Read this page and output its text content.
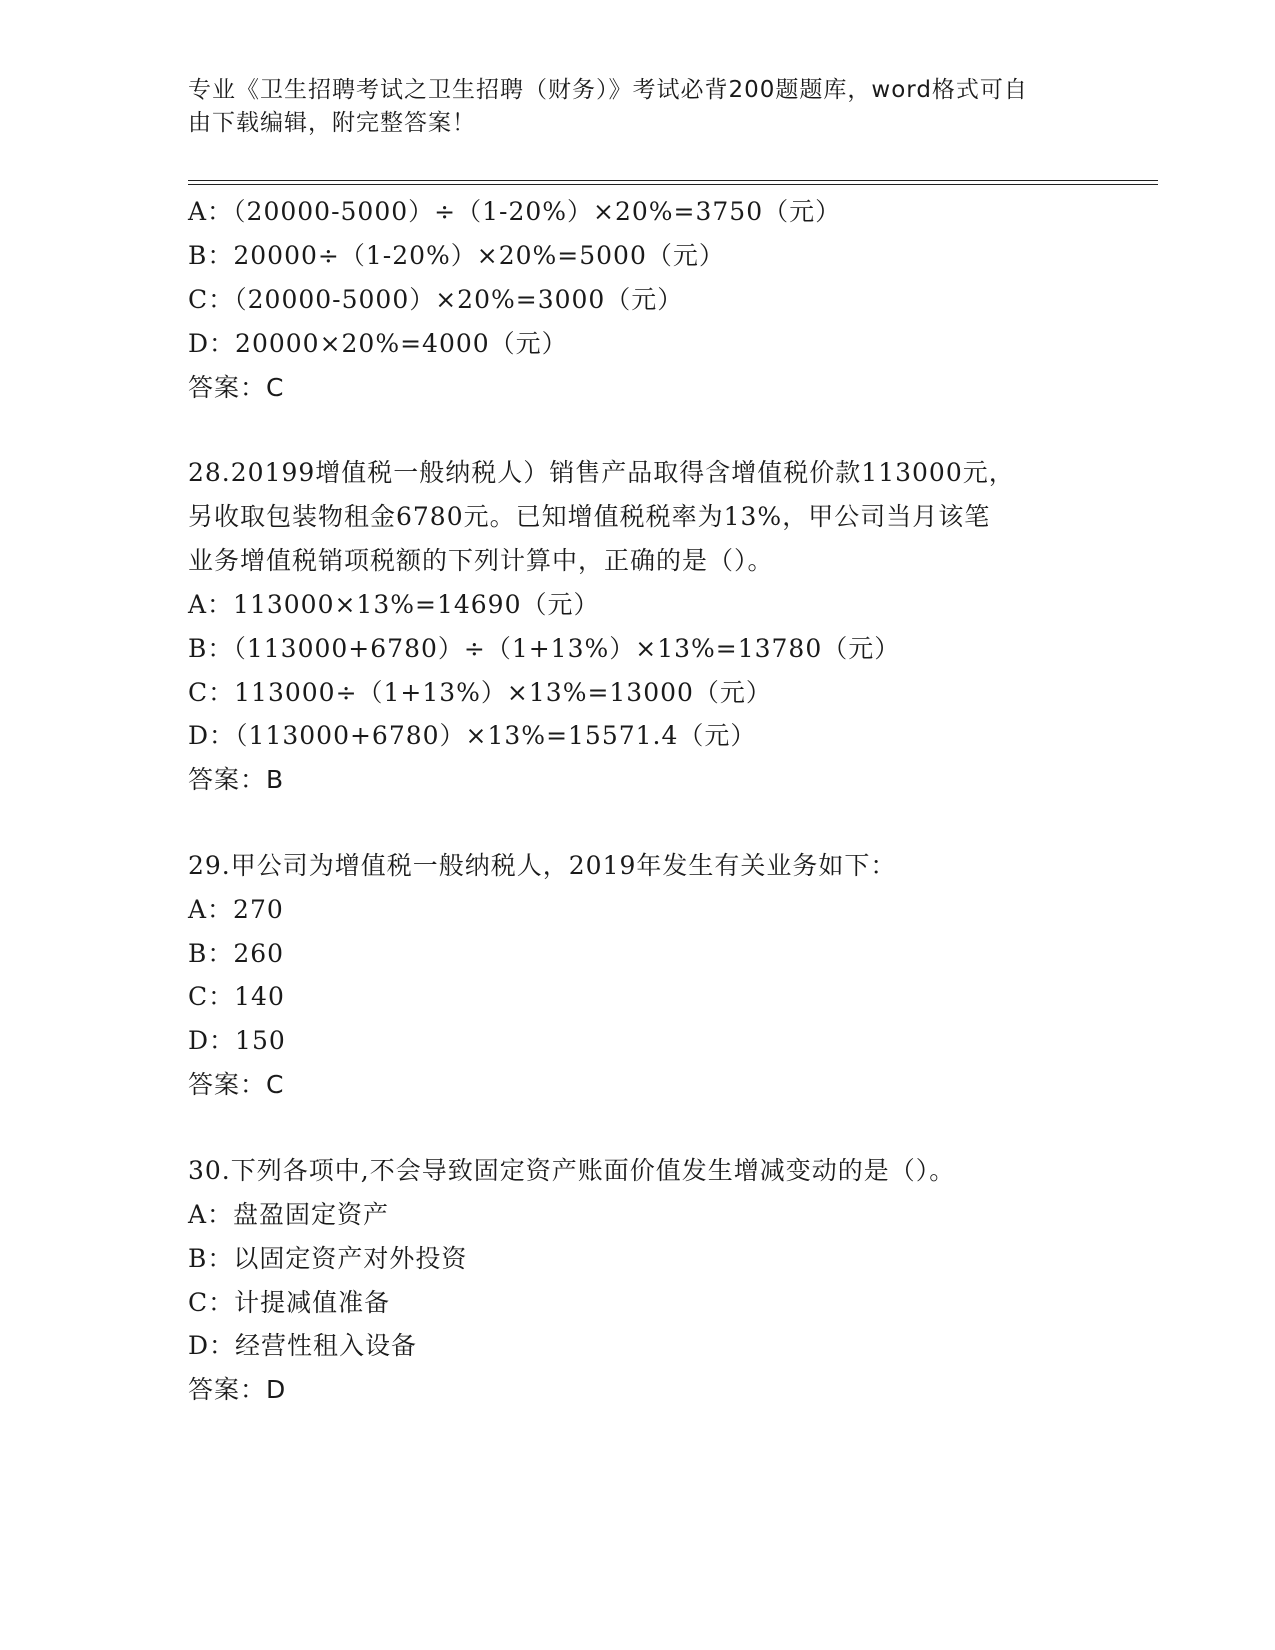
专业《卫生招聘考试之卫生招聘（财务）》考试必背200题题库，word格式可自
由下载编辑，附完整答案！
A：（20000-5000）÷（1-20%）×20%=3750（元）
B：20000÷（1-20%）×20%=5000（元）
C：（20000-5000）×20%=3000（元）
D：20000×20%=4000（元）
答案：C
28.20199增值税一般纳税人）销售产品取得含增值税价款113000元，
另收取包装物租金6780元。已知增值税税率为13%，甲公司当月该笔
业务增值税销项税额的下列计算中，正确的是（）。
A：113000×13%=14690（元）
B：（113000+6780）÷（1+13%）×13%=13780（元）
C：113000÷（1+13%）×13%=13000（元）
D：（113000+6780）×13%=15571.4（元）
答案：B
29.甲公司为增值税一般纳税人，2019年发生有关业务如下：
A：270
B：260
C：140
D：150
答案：C
30.下列各项中,不会导致固定资产账面价值发生增减变动的是（）。
A：盘盈固定资产
B：以固定资产对外投资
C：计提减值准备
D：经营性租入设备
答案：D
